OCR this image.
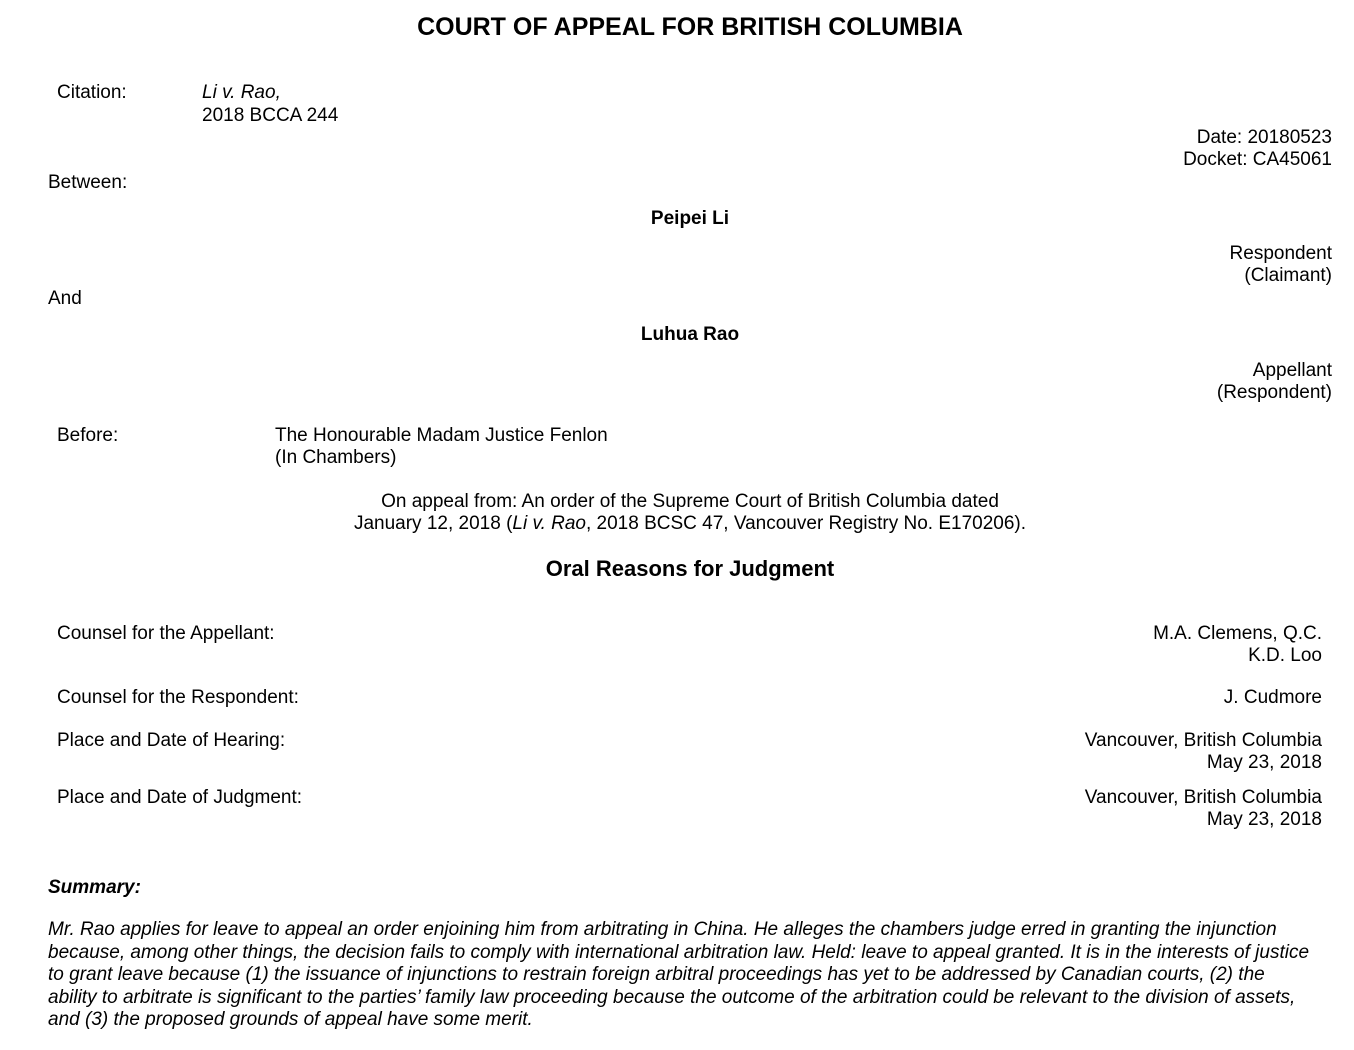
COURT OF APPEAL FOR BRITISH COLUMBIA
Citation:	Li v. Rao,
2018 BCCA 244
Date: 20180523
Docket: CA45061
Between:
Peipei Li
Respondent
(Claimant)
And
Luhua Rao
Appellant
(Respondent)
Before:	The Honourable Madam Justice Fenlon
(In Chambers)
On appeal from: An order of the Supreme Court of British Columbia dated
January 12, 2018 (Li v. Rao, 2018 BCSC 47, Vancouver Registry No. E170206).
Oral Reasons for Judgment
Counsel for the Appellant:	M.A. Clemens, Q.C.
K.D. Loo
Counsel for the Respondent:	J. Cudmore
Place and Date of Hearing:	Vancouver, British Columbia
May 23, 2018
Place and Date of Judgment:	Vancouver, British Columbia
May 23, 2018
Summary:
Mr. Rao applies for leave to appeal an order enjoining him from arbitrating in China. He alleges the chambers judge erred in granting the injunction because, among other things, the decision fails to comply with international arbitration law. Held: leave to appeal granted. It is in the interests of justice to grant leave because (1) the issuance of injunctions to restrain foreign arbitral proceedings has yet to be addressed by Canadian courts, (2) the ability to arbitrate is significant to the parties’ family law proceeding because the outcome of the arbitration could be relevant to the division of assets, and (3) the proposed grounds of appeal have some merit.
